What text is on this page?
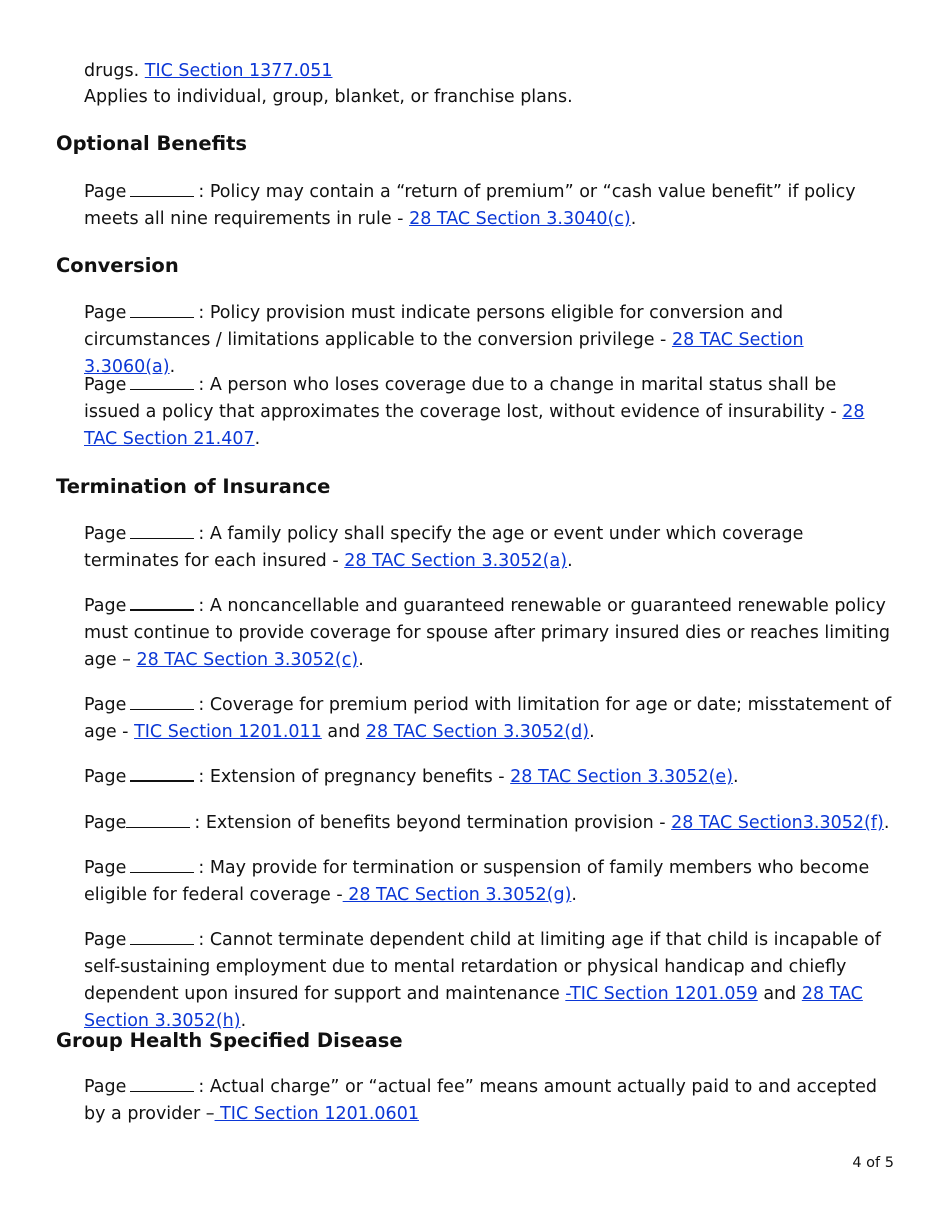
drugs. TIC Section 1377.051
Applies to individual, group, blanket, or franchise plans.
Optional Benefits

Page	: Policy may contain a “return of premium” or “cash value benefit” if policy meets all nine requirements in rule - 28 TAC Section 3.3040(c).

Conversion

Page	: Policy provision must indicate persons eligible for conversion and circumstances / limitations applicable to the conversion privilege - 28 TAC Section 3.3060(a).

Page	: A person who loses coverage due to a change in marital status shall be issued a policy that approximates the coverage lost, without evidence of insurability - 28 TAC Section 21.407.

Termination of Insurance

Page	: A family policy shall specify the age or event under which coverage terminates for each insured - 28 TAC Section 3.3052(a).

Page	: A noncancellable and guaranteed renewable or guaranteed renewable policy must continue to provide coverage for spouse after primary insured dies or reaches limiting age – 28 TAC Section 3.3052(c).

Page	: Coverage for premium period with limitation for age or date; misstatement of age - TIC Section 1201.011 and 28 TAC Section 3.3052(d).

Page	: Extension of pregnancy benefits - 28 TAC Section 3.3052(e).

Page	: Extension of benefits beyond termination provision - 28 TAC Section3.3052(f).

Page	: May provide for termination or suspension of family members who become eligible for federal coverage - 28 TAC Section 3.3052(g).

Page	: Cannot terminate dependent child at limiting age if that child is incapable of self-sustaining employment due to mental retardation or physical handicap and chiefly dependent upon insured for support and maintenance -TIC Section 1201.059 and 28 TAC Section 3.3052(h).

Group Health Specified Disease

Page	: Actual charge” or “actual fee” means amount actually paid to and accepted by a provider – TIC Section 1201.0601

4 of 5
